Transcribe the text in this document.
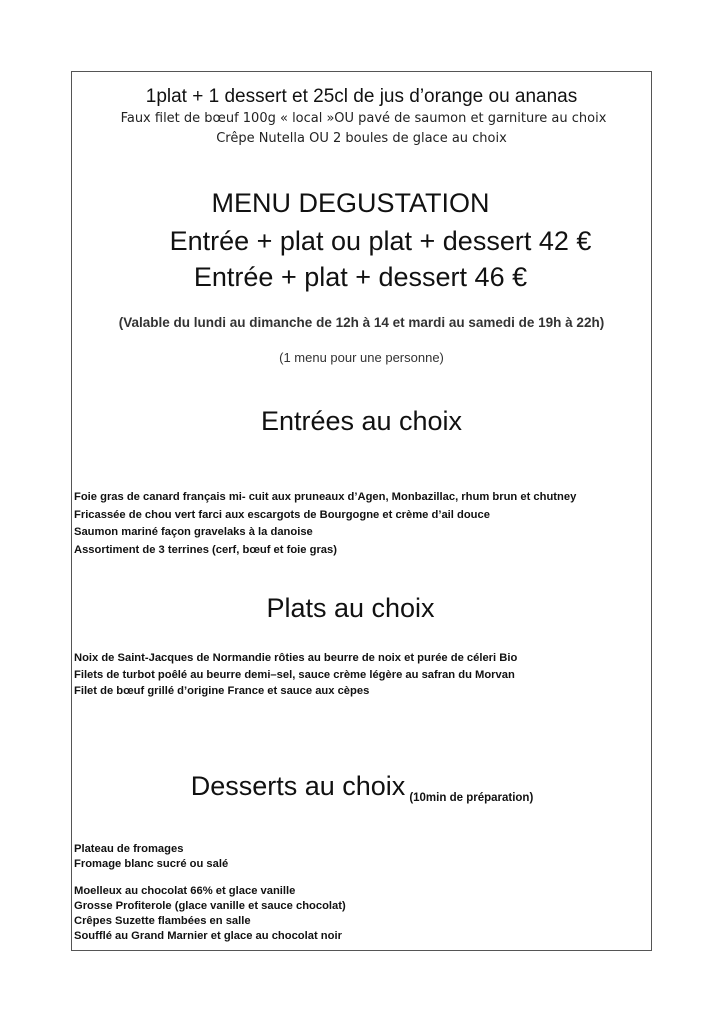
1plat + 1 dessert et 25cl de jus d’orange ou ananas
Faux filet de bœuf 100g « local »OU pavé de saumon et garniture au choix
Crêpe Nutella OU 2 boules de glace au choix
MENU DEGUSTATION
Entrée + plat ou plat + dessert 42 €
Entrée + plat + dessert 46 €
(Valable du lundi au dimanche de 12h à 14 et mardi au samedi de 19h à 22h)
(1 menu pour une personne)
Entrées au choix
Foie gras de canard français mi- cuit aux pruneaux d’Agen, Monbazillac, rhum brun et chutney
Fricassée de chou vert farci aux escargots de Bourgogne et crème d’ail douce
Saumon mariné façon gravelaks à la danoise
Assortiment de 3 terrines (cerf, bœuf et foie gras)
Plats au choix
Noix de Saint-Jacques de Normandie rôties au beurre de noix et purée de céleri Bio
Filets de turbot poêlé au beurre demi–sel, sauce crème légère au safran du Morvan
Filet de bœuf grillé d’origine France et sauce aux cèpes
Desserts au choix $_{(10min de préparation)}$
Plateau de fromages
Fromage blanc sucré ou salé
Moelleux au chocolat 66% et glace vanille
Grosse Profiterole (glace vanille et sauce chocolat)
Crêpes Suzette flambées en salle
Soufflé au Grand Marnier et glace au chocolat noir
